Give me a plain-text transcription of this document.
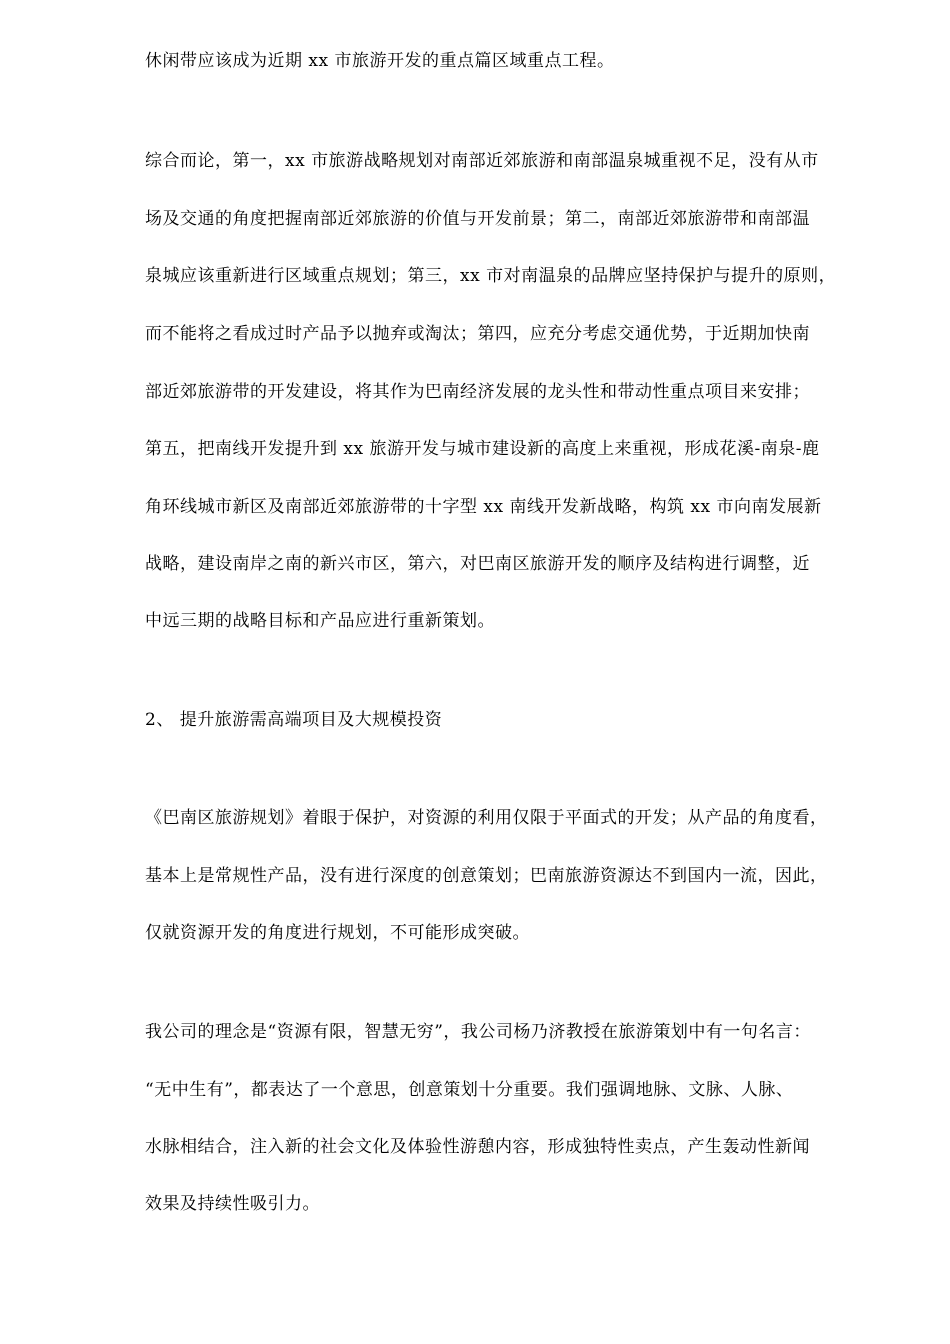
休闲带应该成为近期 xx 市旅游开发的重点篇区域重点工程。
综合而论，第一，xx 市旅游战略规划对南部近郊旅游和南部温泉城重视不足，没有从市
场及交通的角度把握南部近郊旅游的价值与开发前景；第二，南部近郊旅游带和南部温
泉城应该重新进行区域重点规划；第三，xx 市对南温泉的品牌应坚持保护与提升的原则，
而不能将之看成过时产品予以抛弃或淘汰；第四，应充分考虑交通优势，于近期加快南
部近郊旅游带的开发建设，将其作为巴南经济发展的龙头性和带动性重点项目来安排；
第五，把南线开发提升到 xx 旅游开发与城市建设新的高度上来重视，形成花溪-南泉-鹿
角环线城市新区及南部近郊旅游带的十字型 xx 南线开发新战略，构筑 xx 市向南发展新
战略，建设南岸之南的新兴市区，第六，对巴南区旅游开发的顺序及结构进行调整，近
中远三期的战略目标和产品应进行重新策划。
2、 提升旅游需高端项目及大规模投资
《巴南区旅游规划》着眼于保护，对资源的利用仅限于平面式的开发；从产品的角度看，
基本上是常规性产品，没有进行深度的创意策划；巴南旅游资源达不到国内一流，因此，
仅就资源开发的角度进行规划，不可能形成突破。
我公司的理念是“资源有限，智慧无穷”，我公司杨乃济教授在旅游策划中有一句名言：
“无中生有”，都表达了一个意思，创意策划十分重要。我们强调地脉、文脉、人脉、
水脉相结合，注入新的社会文化及体验性游憩内容，形成独特性卖点，产生轰动性新闻
效果及持续性吸引力。
